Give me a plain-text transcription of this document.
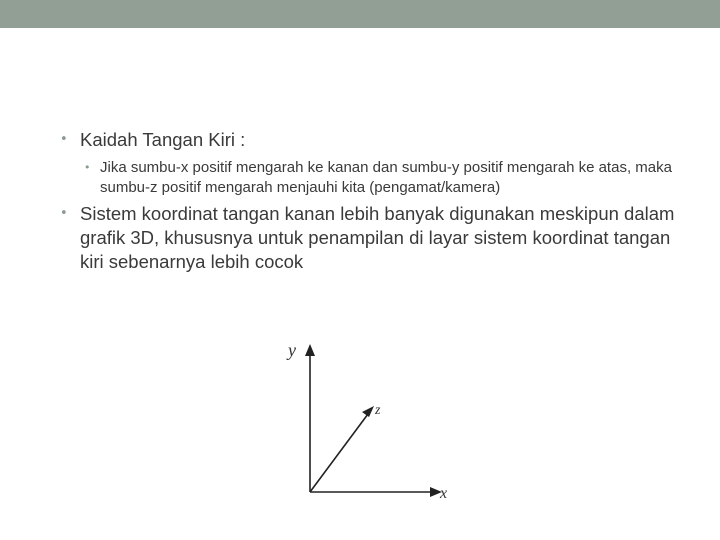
• Kaidah Tangan Kiri :
• Jika sumbu-x positif mengarah ke kanan dan sumbu-y positif mengarah ke atas, maka sumbu-z positif mengarah menjauhi kita (pengamat/kamera)
• Sistem koordinat tangan kanan lebih banyak digunakan meskipun dalam grafik 3D, khususnya untuk penampilan di layar sistem koordinat tangan kiri sebenarnya lebih cocok
y
z
x
